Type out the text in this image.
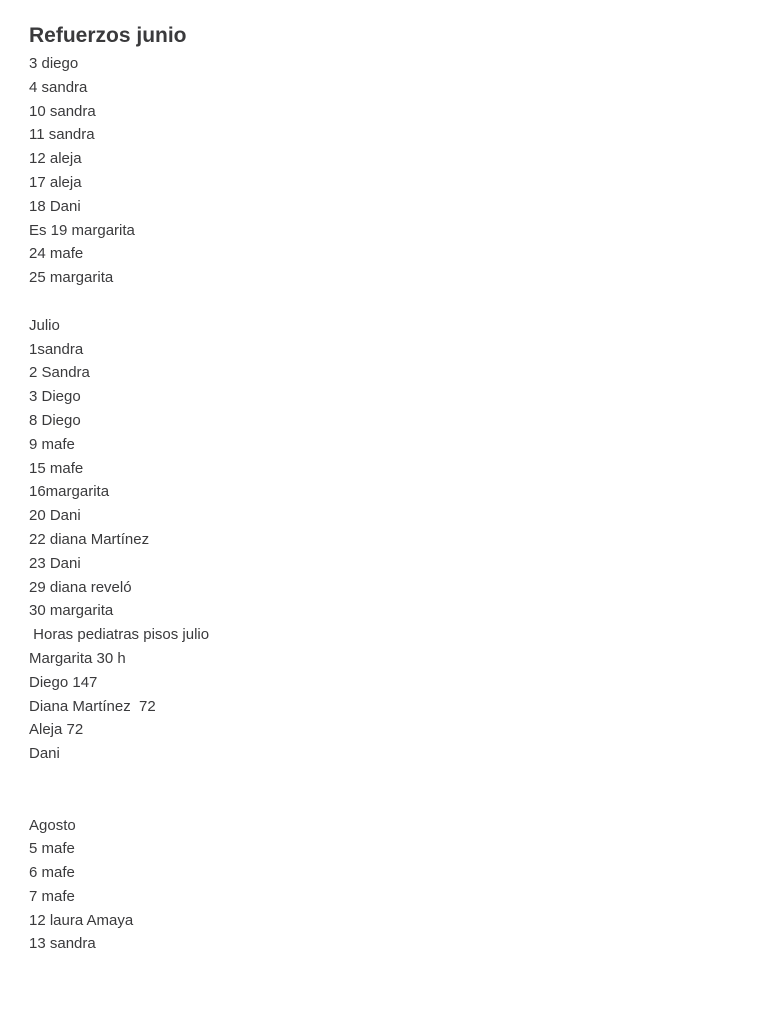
Refuerzos junio
3 diego
4 sandra
10 sandra
11 sandra
12 aleja
17 aleja
18 Dani
Es 19 margarita
24 mafe
25 margarita
Julio
1sandra
2 Sandra
3 Diego
8 Diego
9 mafe
15 mafe
16margarita
20 Dani
22 diana Martínez
23 Dani
29 diana reveló
30 margarita
Horas pediatras pisos julio
Margarita 30 h
Diego 147
Diana Martínez  72
Aleja 72
Dani
Agosto
5 mafe
6 mafe
7 mafe
12 laura Amaya
13 sandra
